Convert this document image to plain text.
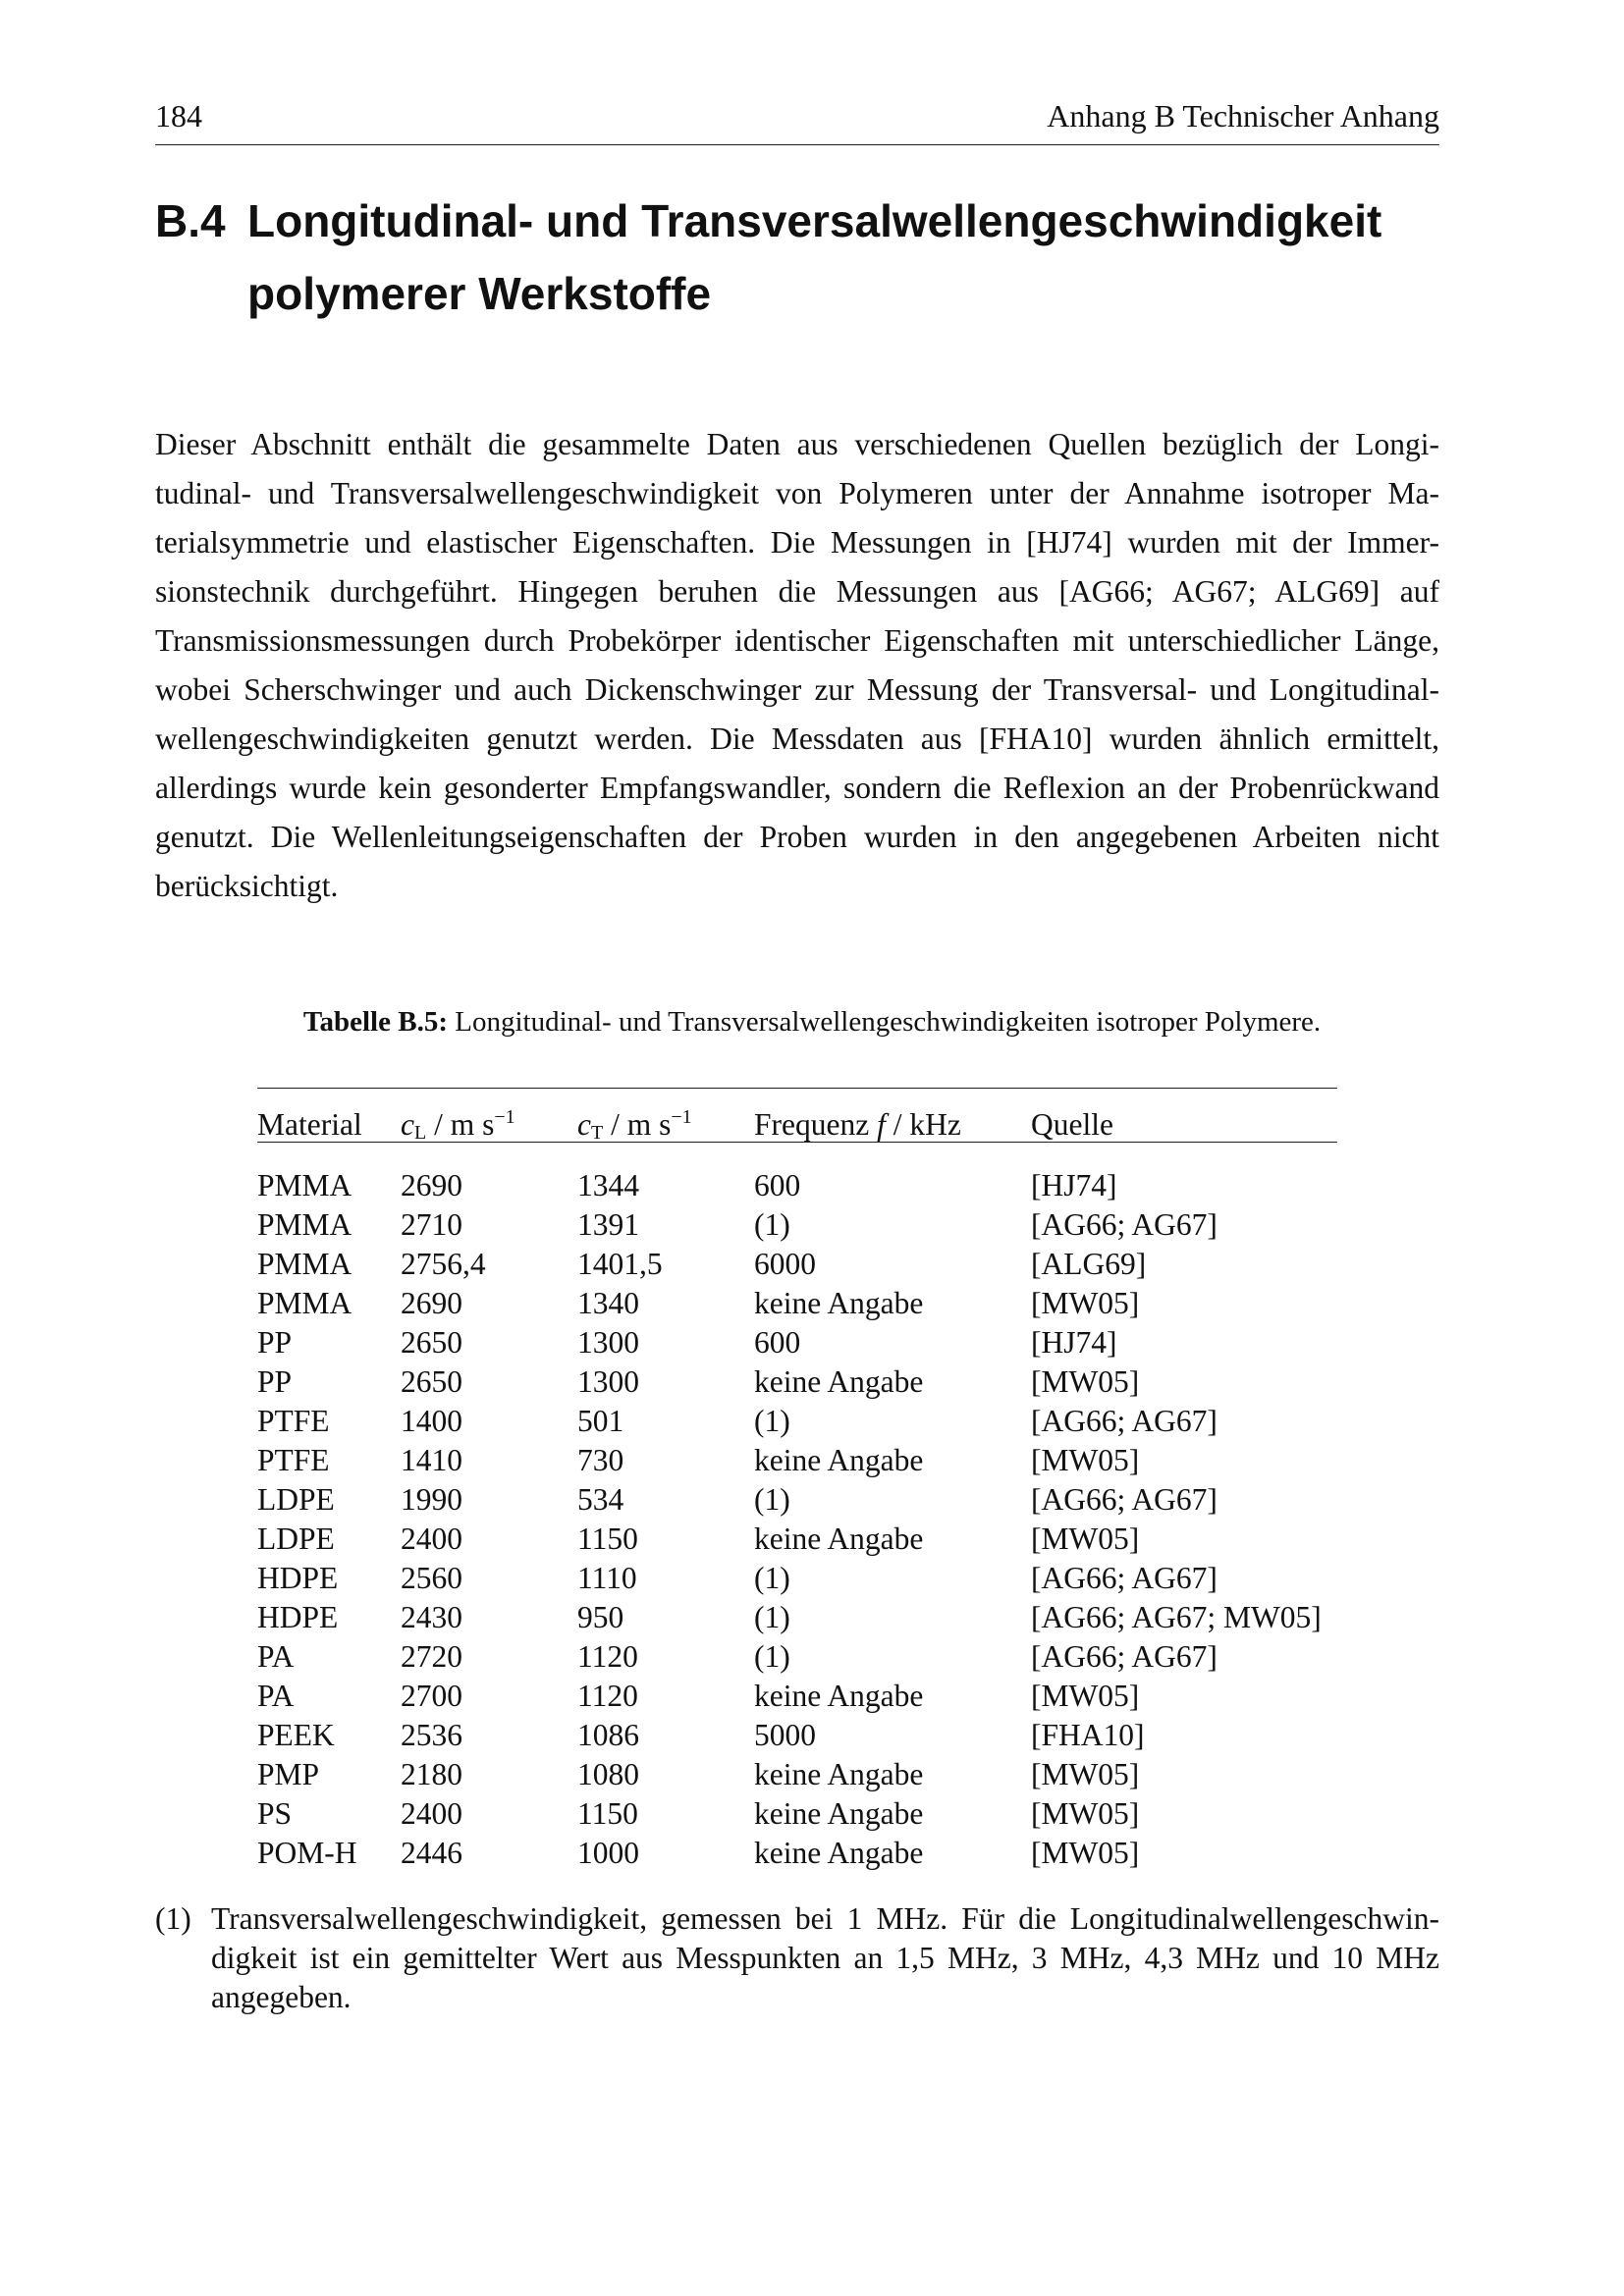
184	Anhang B Technischer Anhang
B.4 Longitudinal- und Transversalwellengeschwindigkeit
polymerer Werkstoffe
Dieser Abschnitt enthält die gesammelte Daten aus verschiedenen Quellen bezüglich der Longi-
tudinal- und Transversalwellengeschwindigkeit von Polymeren unter der Annahme isotroper Ma-
terialsymmetrie und elastischer Eigenschaften. Die Messungen in [HJ74] wurden mit der Immer-
sionstechnik durchgeführt. Hingegen beruhen die Messungen aus [AG66; AG67; ALG69] auf
Transmissionsmessungen durch Probekörper identischer Eigenschaften mit unterschiedlicher Länge,
wobei Scherschwinger und auch Dickenschwinger zur Messung der Transversal- und Longitudinal-
wellengeschwindigkeiten genutzt werden. Die Messdaten aus [FHA10] wurden ähnlich ermittelt,
allerdings wurde kein gesonderter Empfangswandler, sondern die Reflexion an der Probenrückwand
genutzt. Die Wellenleitungseigenschaften der Proben wurden in den angegebenen Arbeiten nicht
berücksichtigt.
Tabelle B.5: Longitudinal- und Transversalwellengeschwindigkeiten isotroper Polymere.
Material	$c_L$ / m $s^{-1}$	$c_T$ / m $s^{-1}$	Frequenz f / kHz	Quelle

PMMA	2690	1344	600	[HJ74]
PMMA	2710	1391	(1)	[AG66; AG67]
PMMA	2756,4	1401,5	6000	[ALG69]
PMMA	2690	1340	keine Angabe	[MW05]
PP	2650	1300	600	[HJ74]
PP	2650	1300	keine Angabe	[MW05]
PTFE	1400	501	(1)	[AG66; AG67]
PTFE	1410	730	keine Angabe	[MW05]
LDPE	1990	534	(1)	[AG66; AG67]
LDPE	2400	1150	keine Angabe	[MW05]
HDPE	2560	1110	(1)	[AG66; AG67]
HDPE	2430	950	(1)	[AG66; AG67; MW05]
PA	2720	1120	(1)	[AG66; AG67]
PA	2700	1120	keine Angabe	[MW05]
PEEK	2536	1086	5000	[FHA10]
PMP	2180	1080	keine Angabe	[MW05]
PS	2400	1150	keine Angabe	[MW05]
POM-H	2446	1000	keine Angabe	[MW05]
(1) Transversalwellengeschwindigkeit, gemessen bei 1 MHz. Für die Longitudinalwellengeschwin-
digkeit ist ein gemittelter Wert aus Messpunkten an 1,5 MHz, 3 MHz, 4,3 MHz und 10 MHz
angegeben.
